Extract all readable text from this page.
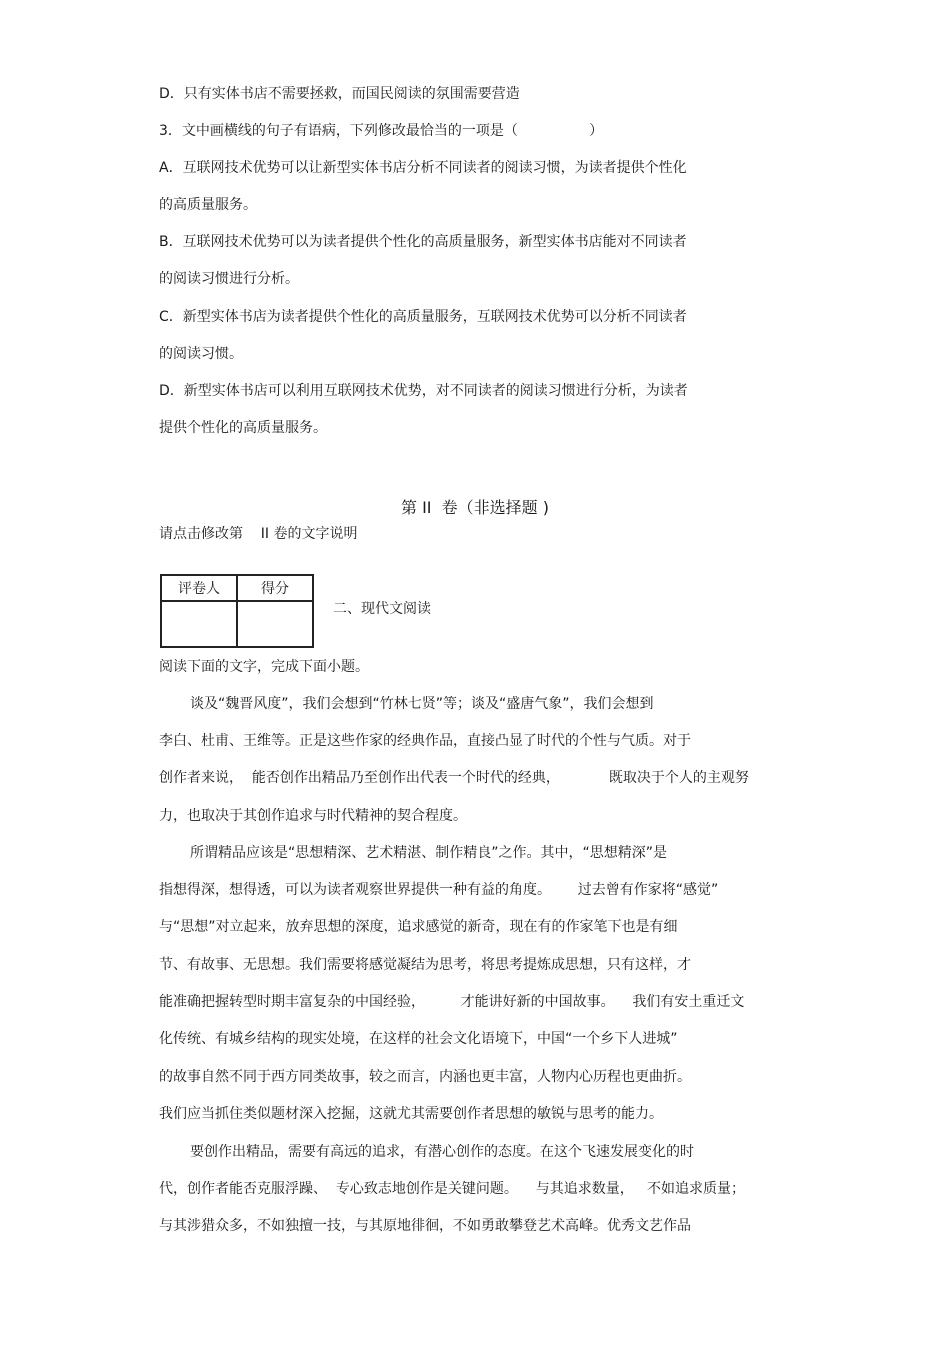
D．只有实体书店不需要拯救，而国民阅读的氛围需要营造
3．文中画横线的句子有语病，下列修改最恰当的一项是（                ）
A．互联网技术优势可以让新型实体书店分析不同读者的阅读习惯，为读者提供个性化
的高质量服务。
B．互联网技术优势可以为读者提供个性化的高质量服务，新型实体书店能对不同读者
的阅读习惯进行分析。
C．新型实体书店为读者提供个性化的高质量服务，互联网技术优势可以分析不同读者
的阅读习惯。
D．新型实体书店可以利用互联网技术优势，对不同读者的阅读习惯进行分析，为读者
提供个性化的高质量服务。
第 II  卷（非选择题 )
请点击修改第    II 卷的文字说明
评卷人	得分

二、现代文阅读
阅读下面的文字，完成下面小题。
谈及“魏晋风度”，我们会想到“竹林七贤”等；谈及“盛唐气象”，我们会想到
李白、杜甫、王维等。正是这些作家的经典作品，直接凸显了时代的个性与气质。对于
创作者来说，  能否创作出精品乃至创作出代表一个时代的经典，           既取决于个人的主观努
力，也取决于其创作追求与时代精神的契合程度。
所谓精品应该是“思想精深、艺术精湛、制作精良”之作。其中，“思想精深”是
指想得深，想得透，可以为读者观察世界提供一种有益的角度。      过去曾有作家将“感觉”
与“思想”对立起来，放弃思想的深度，追求感觉的新奇，现在有的作家笔下也是有细
节、有故事、无思想。我们需要将感觉凝结为思考，将思考提炼成思想，只有这样，才
能准确把握转型时期丰富复杂的中国经验，        才能讲好新的中国故事。    我们有安土重迁文
化传统、有城乡结构的现实处境，在这样的社会文化语境下，中国“一个乡下人进城”
的故事自然不同于西方同类故事，较之而言，内涵也更丰富，人物内心历程也更曲折。
我们应当抓住类似题材深入挖掘，这就尤其需要创作者思想的敏锐与思考的能力。
要创作出精品，需要有高远的追求，有潜心创作的态度。在这个飞速发展变化的时
代，创作者能否克服浮躁、  专心致志地创作是关键问题。    与其追求数量，   不如追求质量；
与其涉猎众多，不如独擅一技，与其原地徘徊，不如勇敢攀登艺术高峰。优秀文艺作品
